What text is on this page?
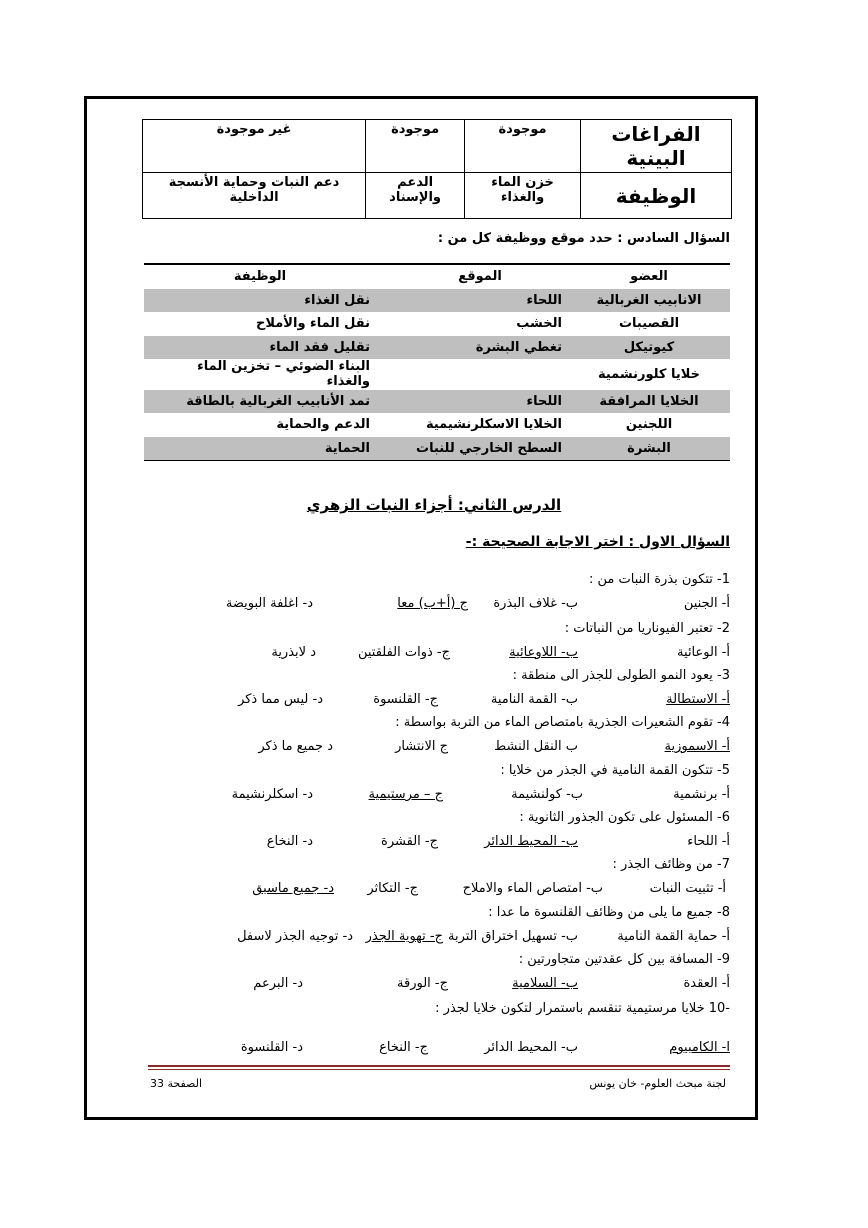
الفراغات البينية	موجودة	موجودة	غير موجودة
الوظيفة	خزن الماء والغذاء	الدعم والإسناد	دعم النبات وحماية الأنسجة الداخلية
السؤال السادس : حدد موقع ووظيفة كل من :
العضو	الموقع	الوظيفة
الانابيب الغربالية	اللحاء	نقل الغذاء
القصيبات	الخشب	نقل الماء والأملاح
كيوتيكل	تغطي البشرة	تقليل فقد الماء
خلايا كلورنشمية		البناء الضوئي – تخزين الماء والغذاء
الخلايا المرافقة	اللحاء	تمد الأنابيب الغربالية بالطاقة
اللجنين	الخلايا الاسكلرنشيمية	الدعم والحماية
البشرة	السطح الخارجي للنبات	الحماية
الدرس الثاني: أجزاء النبات الزهري
السؤال الاول : اختر الاجابة الصحيحة :-
1- تتكون بذرة النبات من :
أ- الجنين
ب- غلاف البذرة
ج (أ+ب) معا
د- اغلفة البويضة
2- تعتبر الفيوناريا من النباتات :
أ- الوعائية
ب- اللاوعائية
ج- ذوات الفلقتين
د لابذرية
3- يعود النمو الطولى للجذر الى منطقة :
أ- الاستطالة
ب- القمة النامية
ج- القلنسوة
د- ليس مما ذكر
4- تقوم الشعيرات الجذرية بامتصاص الماء من التربة بواسطة :
أ- الاسموزية
ب النقل النشط
ج الانتشار
د جميع ما ذكر
5- تتكون القمة النامية في الجذر من خلايا :
أ- برنشمية
ب- كولنشيمة
ج – مرستيمية
د- اسكلرنشيمة
6- المسئول على تكون الجذور الثانوية :
أ- اللحاء
ب- المحيط الدائر
ج- القشرة
د- النخاع
7- من وظائف الجذر :
أ- تثبيت النبات
ب- امتصاص الماء والاملاح
ج- التكاثر
د- جميع ماسبق
8- جميع ما يلى من وظائف القلنسوة ما عدا :
أ- حماية القمة النامية
ب- تسهيل اختراق التربة
ج- تهوية الجذر
د- توجيه الجذر لاسفل
9- المسافة بين كل عقدتين متجاورتين :
أ- العقدة
ب- السلامية
ج- الورقة
د- البرعم
-10 خلايا مرستيمية تنقسم باستمرار لتكون خلايا لجذر :
ا- الكامبيوم
ب- المحيط الدائر
ج- النخاع
د- القلنسوة
لجنة مبحث العلوم- خان يونس
الصفحة 33
